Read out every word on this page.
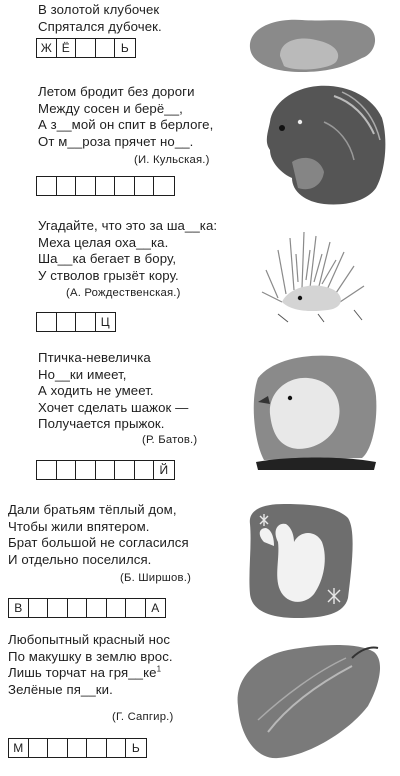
В золотой клубочек
Спрятался дубочек.
Ж Ё	Ь
Летом бродит без дороги
Между сосен и берё__,
А з__мой он спит в берлоге,
От м__роза прячет но__.
(И. Кульская.)
Угадайте, что это за ша__ка:
Меха целая оха__ка.
Ша__ка бегает в бору,
У стволов грызёт кору.
(А. Рождественская.)
Ц
Птичка-невеличка
Но__ки имеет,
А ходить не умеет.
Хочет сделать шажок —
Получается прыжок.
(Р. Батов.)
Й
Дали братьям тёплый дом,
Чтобы жили впятером.
Брат большой не согласился
И отдельно поселился.
(Б. Ширшов.)
В	А
Любопытный красный нос
По макушку в землю врос.
Лишь торчат на $гря\_\_ке^1$
Зелёные пя__ки.
(Г. Сапгир.)
М	Ь
